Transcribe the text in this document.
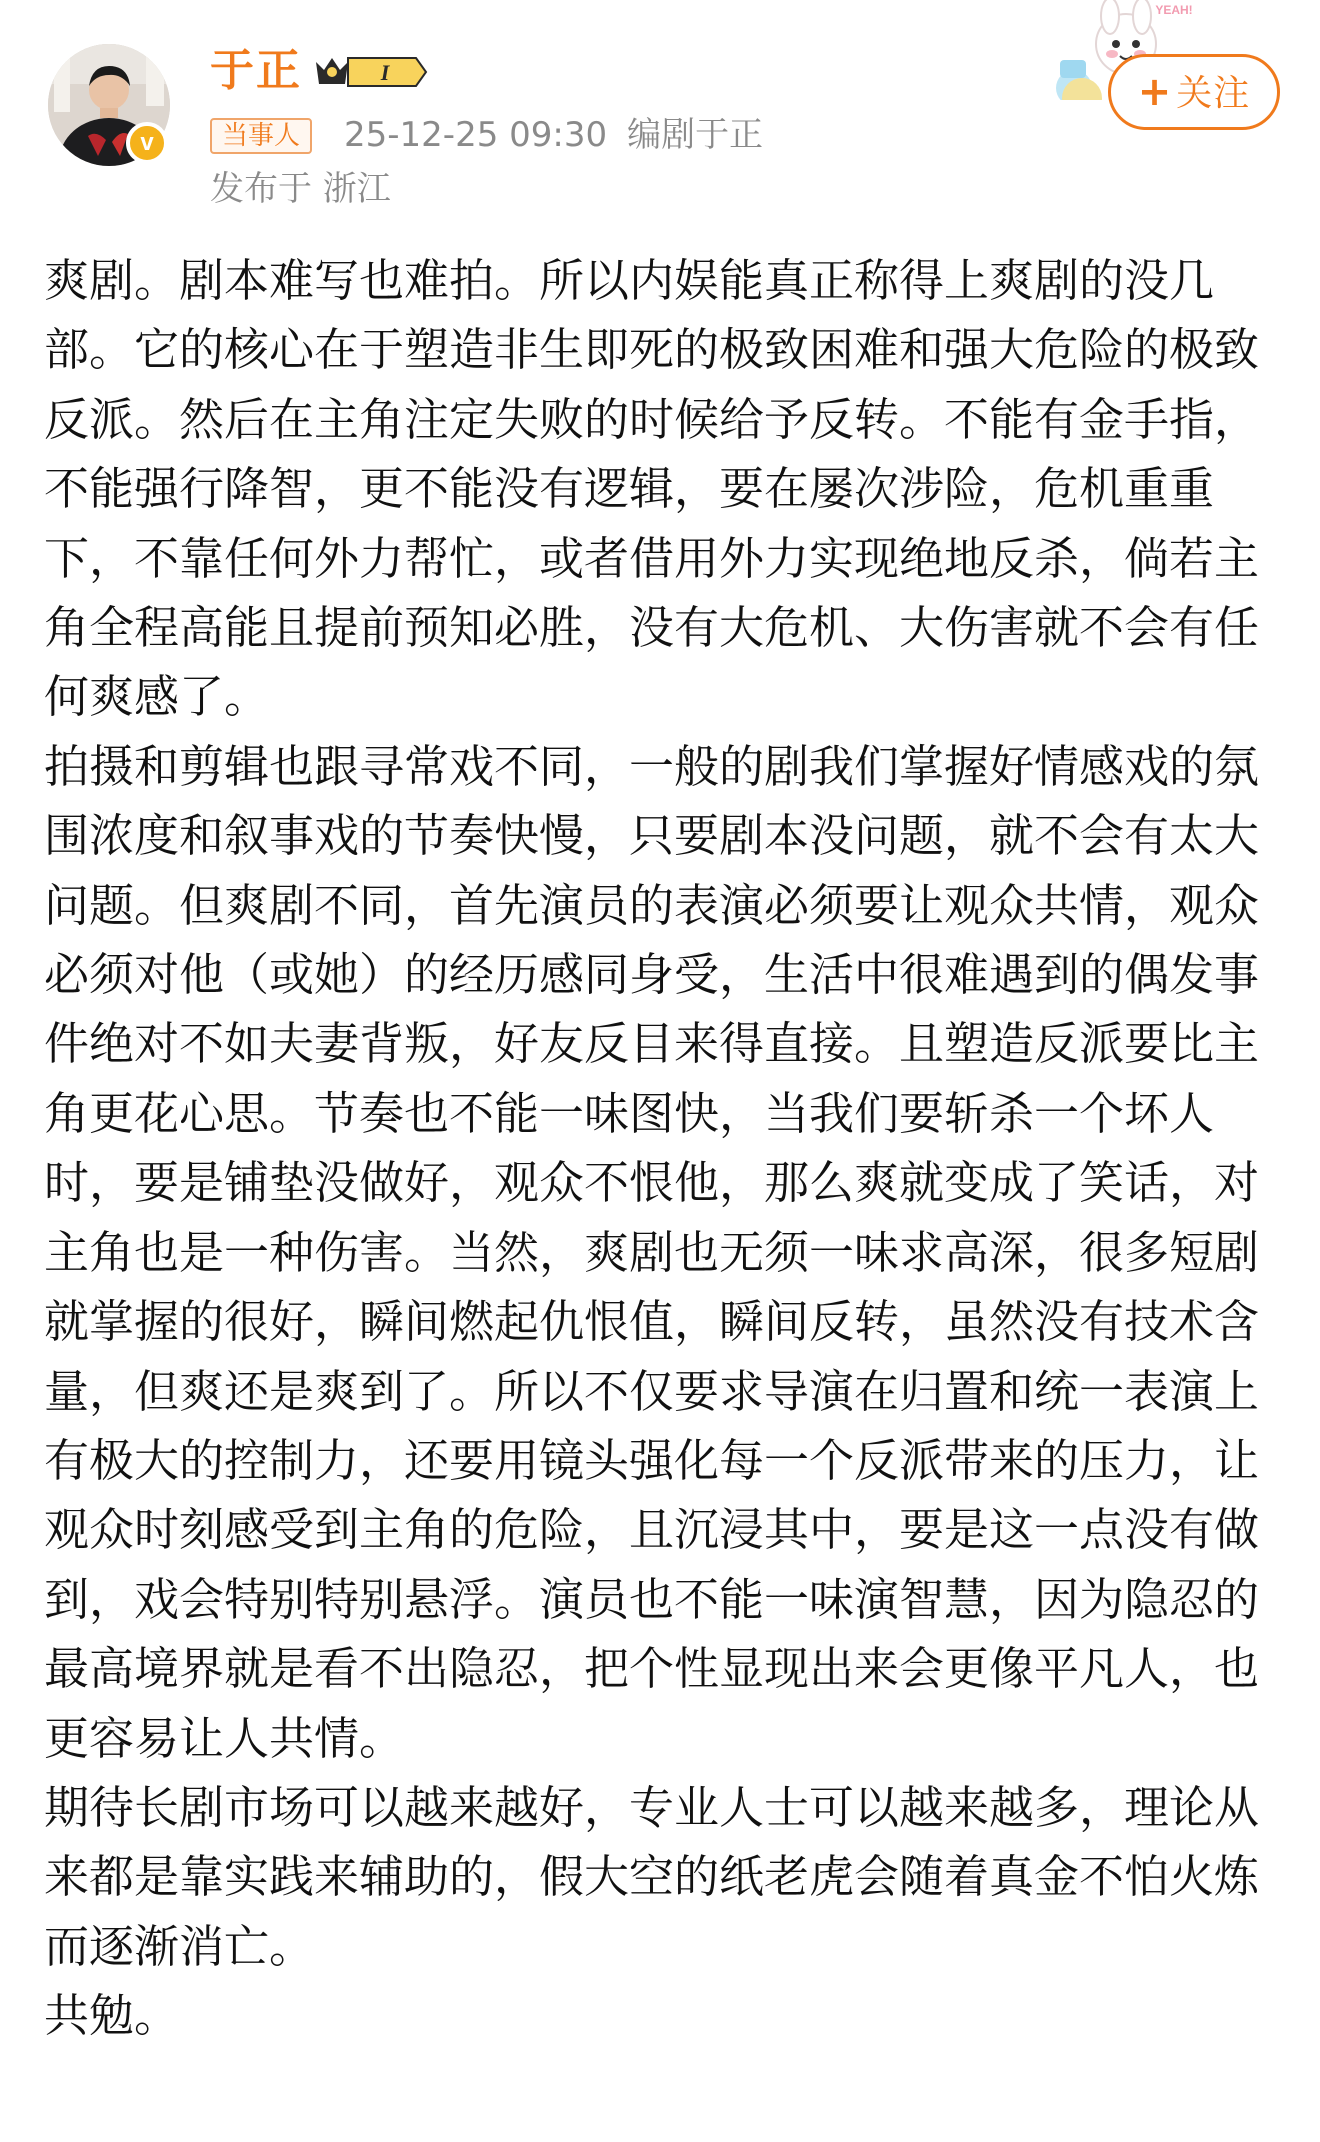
v
于正	I
当事人	25-12-25 09:30 编剧于正
发布于 浙江
YEAH!
+ 关注

爽剧。剧本难写也难拍。所以内娱能真正称得上爽剧的没几部。它的核心在于塑造非生即死的极致困难和强大危险的极致反派。然后在主角注定失败的时候给予反转。不能有金手指，不能强行降智，更不能没有逻辑，要在屡次涉险，危机重重下，不靠任何外力帮忙，或者借用外力实现绝地反杀，倘若主角全程高能且提前预知必胜，没有大危机、大伤害就不会有任何爽感了。

拍摄和剪辑也跟寻常戏不同，一般的剧我们掌握好情感戏的氛围浓度和叙事戏的节奏快慢，只要剧本没问题，就不会有太大问题。但爽剧不同，首先演员的表演必须要让观众共情，观众必须对他（或她）的经历感同身受，生活中很难遇到的偶发事件绝对不如夫妻背叛，好友反目来得直接。且塑造反派要比主角更花心思。节奏也不能一味图快，当我们要斩杀一个坏人时，要是铺垫没做好，观众不恨他，那么爽就变成了笑话，对主角也是一种伤害。当然，爽剧也无须一味求高深，很多短剧就掌握的很好，瞬间燃起仇恨值，瞬间反转，虽然没有技术含量，但爽还是爽到了。所以不仅要求导演在归置和统一表演上有极大的控制力，还要用镜头强化每一个反派带来的压力，让观众时刻感受到主角的危险，且沉浸其中，要是这一点没有做到，戏会特别特别悬浮。演员也不能一味演智慧，因为隐忍的最高境界就是看不出隐忍，把个性显现出来会更像平凡人，也更容易让人共情。

期待长剧市场可以越来越好，专业人士可以越来越多，理论从来都是靠实践来辅助的，假大空的纸老虎会随着真金不怕火炼而逐渐消亡。

共勉。
